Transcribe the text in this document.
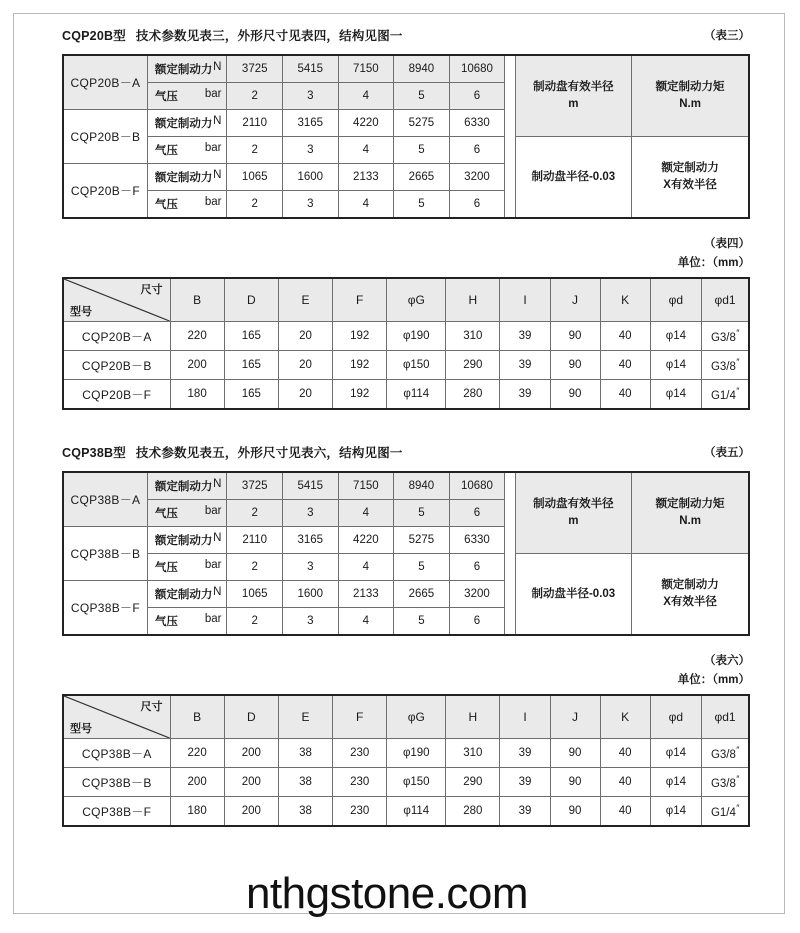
CQP20B型 技术参数见表三，外形尺寸见表四，结构见图一	（表三）
CQP20B－A	额定制动力 N	3725	5415	7150	8940	10680		制动盘有效半径
m	额定制动力矩
N.m
	气压 bar	2	3	4	5	6			
CQP20B－B	额定制动力 N	2110	3165	4220	5275	6330			
	气压 bar	2	3	4	5	6		制动盘半径-0.03	额定制动力
X有效半径
CQP20B－F	额定制动力 N	1065	1600	2133	2665	3200			
	气压 bar	2	3	4	5	6			
（表四）
单位：（mm）
尺寸
型号	B	D	E	F	φG	H	I	J	K	φd	φd1
CQP20B－A	220	165	20	192	φ190	310	39	90	40	φ14	G3/8″
CQP20B－B	200	165	20	192	φ150	290	39	90	40	φ14	G3/8″
CQP20B－F	180	165	20	192	φ114	280	39	90	40	φ14	G1/4″
CQP38B型 技术参数见表五，外形尺寸见表六，结构见图一	（表五）
CQP38B－A	额定制动力 N	3725	5415	7150	8940	10680		制动盘有效半径
m	额定制动力矩
N.m
	气压 bar	2	3	4	5	6			
CQP38B－B	额定制动力 N	2110	3165	4220	5275	6330			
	气压 bar	2	3	4	5	6		制动盘半径-0.03	额定制动力
X有效半径
CQP38B－F	额定制动力 N	1065	1600	2133	2665	3200			
	气压 bar	2	3	4	5	6			
（表六）
单位：（mm）
尺寸
型号	B	D	E	F	φG	H	I	J	K	φd	φd1
CQP38B－A	220	200	38	230	φ190	310	39	90	40	φ14	G3/8″
CQP38B－B	200	200	38	230	φ150	290	39	90	40	φ14	G3/8″
CQP38B－F	180	200	38	230	φ114	280	39	90	40	φ14	G1/4″
nthgstone.com
